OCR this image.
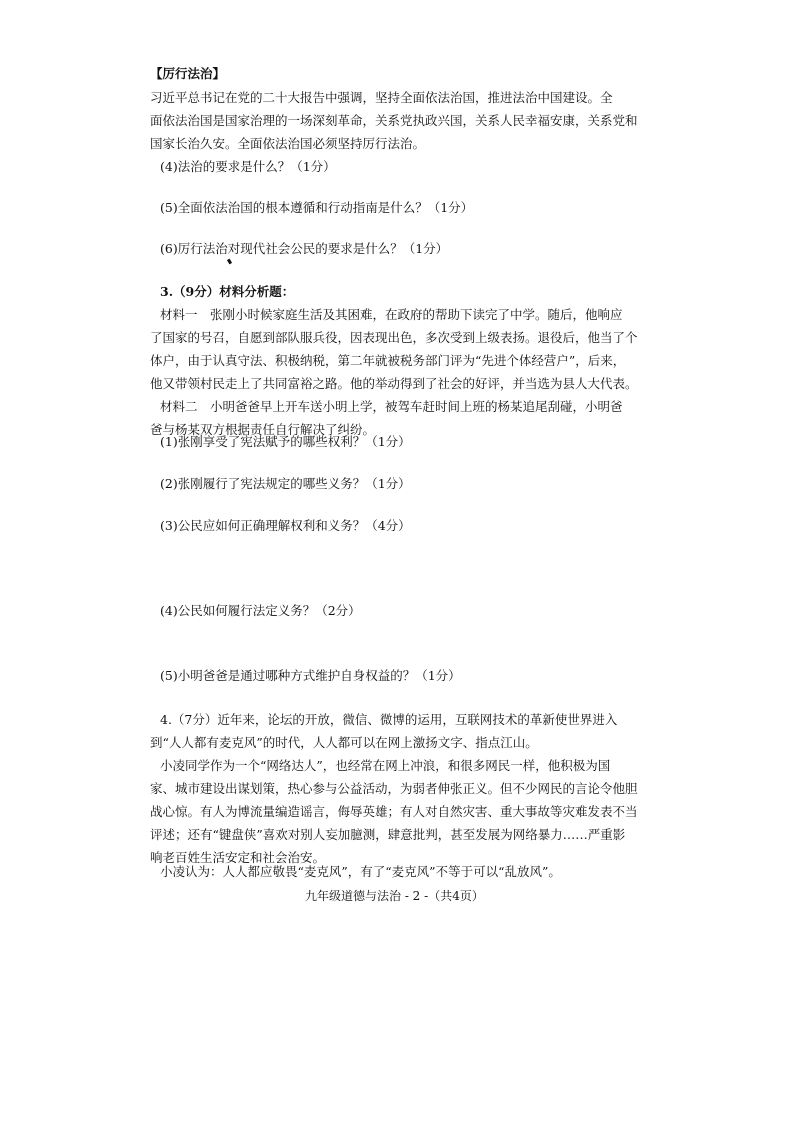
【厉行法治】
习近平总书记在党的二十大报告中强调，坚持全面依法治国，推进法治中国建设。全
面依法治国是国家治理的一场深刻革命，关系党执政兴国，关系人民幸福安康，关系党和
国家长治久安。全面依法治国必须坚持厉行法治。
(4)法治的要求是什么？（1分）
(5)全面依法治国的根本遵循和行动指南是什么？（1分）
(6)厉行法治对现代社会公民的要求是什么？（1分）
3.（9分）材料分析题：
材料一　张刚小时候家庭生活及其困难，在政府的帮助下读完了中学。随后，他响应
了国家的号召，自愿到部队服兵役，因表现出色，多次受到上级表扬。退役后，他当了个
体户，由于认真守法、积极纳税，第二年就被税务部门评为“先进个体经营户”，后来，
他又带领村民走上了共同富裕之路。他的举动得到了社会的好评，并当选为县人大代表。
材料二　小明爸爸早上开车送小明上学，被驾车赶时间上班的杨某追尾刮碰，小明爸
爸与杨某双方根据责任自行解决了纠纷。
(1)张刚享受了宪法赋予的哪些权利？（1分）
(2)张刚履行了宪法规定的哪些义务？（1分）
(3)公民应如何正确理解权利和义务？（4分）
(4)公民如何履行法定义务？（2分）
(5)小明爸爸是通过哪种方式维护自身权益的？（1分）
4.（7分）近年来，论坛的开放，微信、微博的运用，互联网技术的革新使世界进入
到“人人都有麦克风”的时代，人人都可以在网上激扬文字、指点江山。
小凌同学作为一个“网络达人”，也经常在网上冲浪，和很多网民一样，他积极为国
家、城市建设出谋划策，热心参与公益活动，为弱者伸张正义。但不少网民的言论令他胆
战心惊。有人为博流量编造谣言，侮辱英雄；有人对自然灾害、重大事故等灾难发表不当
评述；还有“键盘侠”喜欢对别人妄加臆测，肆意批判，甚至发展为网络暴力……严重影
响老百姓生活安定和社会治安。
小凌认为：人人都应敬畏“麦克风”，有了“麦克风”不等于可以“乱放风”。
九年级道德与法治 - 2 -（共4页）
